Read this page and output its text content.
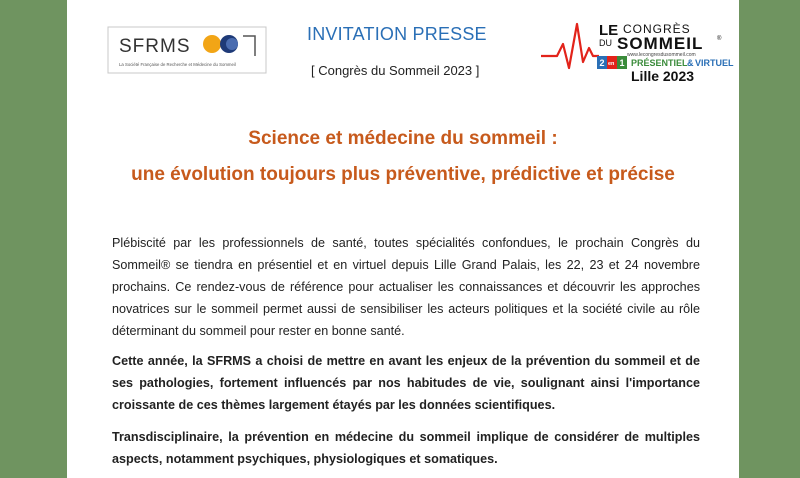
SFRMS
La Société Française de Recherche et Médecine du Sommeil
INVITATION PRESSE
[ Congrès du Sommeil 2023 ]
LE CONGRÈS
DU SOMMEIL ®
www.lecongresdusommeil.com
2 en 1 PRÉSENTIEL & VIRTUEL
Lille 2023
Science et médecine du sommeil :
une évolution toujours plus préventive, prédictive et précise
Plébiscité par les professionnels de santé, toutes spécialités confondues, le prochain Congrès du Sommeil® se tiendra en présentiel et en virtuel depuis Lille Grand Palais, les 22, 23 et 24 novembre prochains. Ce rendez-vous de référence pour actualiser les connaissances et découvrir les approches novatrices sur le sommeil permet aussi de sensibiliser les acteurs politiques et la société civile au rôle déterminant du sommeil pour rester en bonne santé.
Cette année, la SFRMS a choisi de mettre en avant les enjeux de la prévention du sommeil et de ses pathologies, fortement influencés par nos habitudes de vie, soulignant ainsi l'importance croissante de ces thèmes largement étayés par les données scientifiques.
Transdisciplinaire, la prévention en médecine du sommeil implique de considérer de multiples aspects, notamment psychiques, physiologiques et somatiques.
